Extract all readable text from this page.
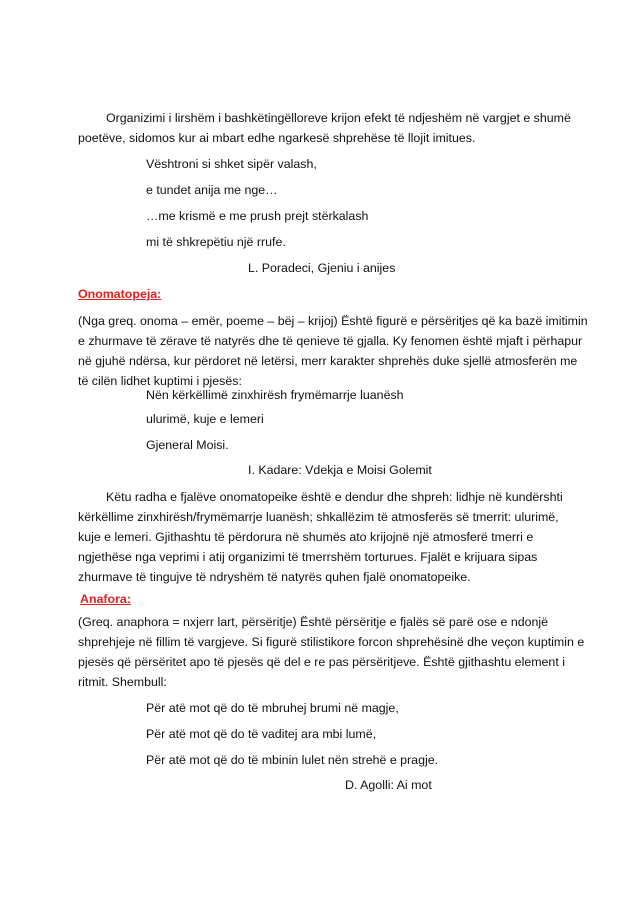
Organizimi i lirshëm i bashkëtingëlloreve krijon efekt të ndjeshëm në vargjet e shumë
poetëve, sidomos kur ai mbart edhe ngarkesë shprehëse të llojit imitues.
Vështroni si shket sipër valash,
e tundet anija me nge…
…me krismë e me prush prejt stërkalash
mi të shkrepëtiu një rrufe.
L. Poradeci, Gjeniu i anijes
Onomatopeja:
(Nga greq. onoma – emër, poeme – bëj – krijoj) Është figurë e përsëritjes që ka bazë imitimin
e zhurmave të zërave të natyrës dhe të qenieve të gjalla. Ky fenomen është mjaft i përhapur
në gjuhë ndërsa, kur përdoret në letërsi, merr karakter shprehës duke sjellë atmosferën me
të cilën lidhet kuptimi i pjesës:
Nën kërkëllimë zinxhirësh frymëmarrje luanësh
ulurimë, kuje e lemeri
Gjeneral Moisi.
I. Kadare: Vdekja e Moisi Golemit
Këtu radha e fjalëve onomatopeike është e dendur dhe shpreh: lidhje në kundërshti
kërkëllime zinxhirësh/frymëmarrje luanësh; shkallëzim të atmosferës së tmerrit: ulurimë,
kuje e lemeri. Gjithashtu të përdorura në shumës ato krijojnë një atmosferë tmerri e
ngjethëse nga veprimi i atij organizimi të tmerrshëm torturues. Fjalët e krijuara sipas
zhurmave të tingujve të ndryshëm të natyrës quhen fjalë onomatopeike.
Anafora:
(Greq. anaphora = nxjerr lart, përsëritje) Është përsëritje e fjalës së parë ose e ndonjë
shprehjeje në fillim të vargjeve. Si figurë stilistikore forcon shprehësinë dhe veçon kuptimin e
pjesës që përsëritet apo të pjesës që del e re pas përsëritjeve. Është gjithashtu element i
ritmit. Shembull:
Për atë mot që do të mbruhej brumi në magje,
Për atë mot që do të vaditej ara mbi lumë,
Për atë mot që do të mbinin lulet nën strehë e pragje.
D. Agolli: Ai mot
